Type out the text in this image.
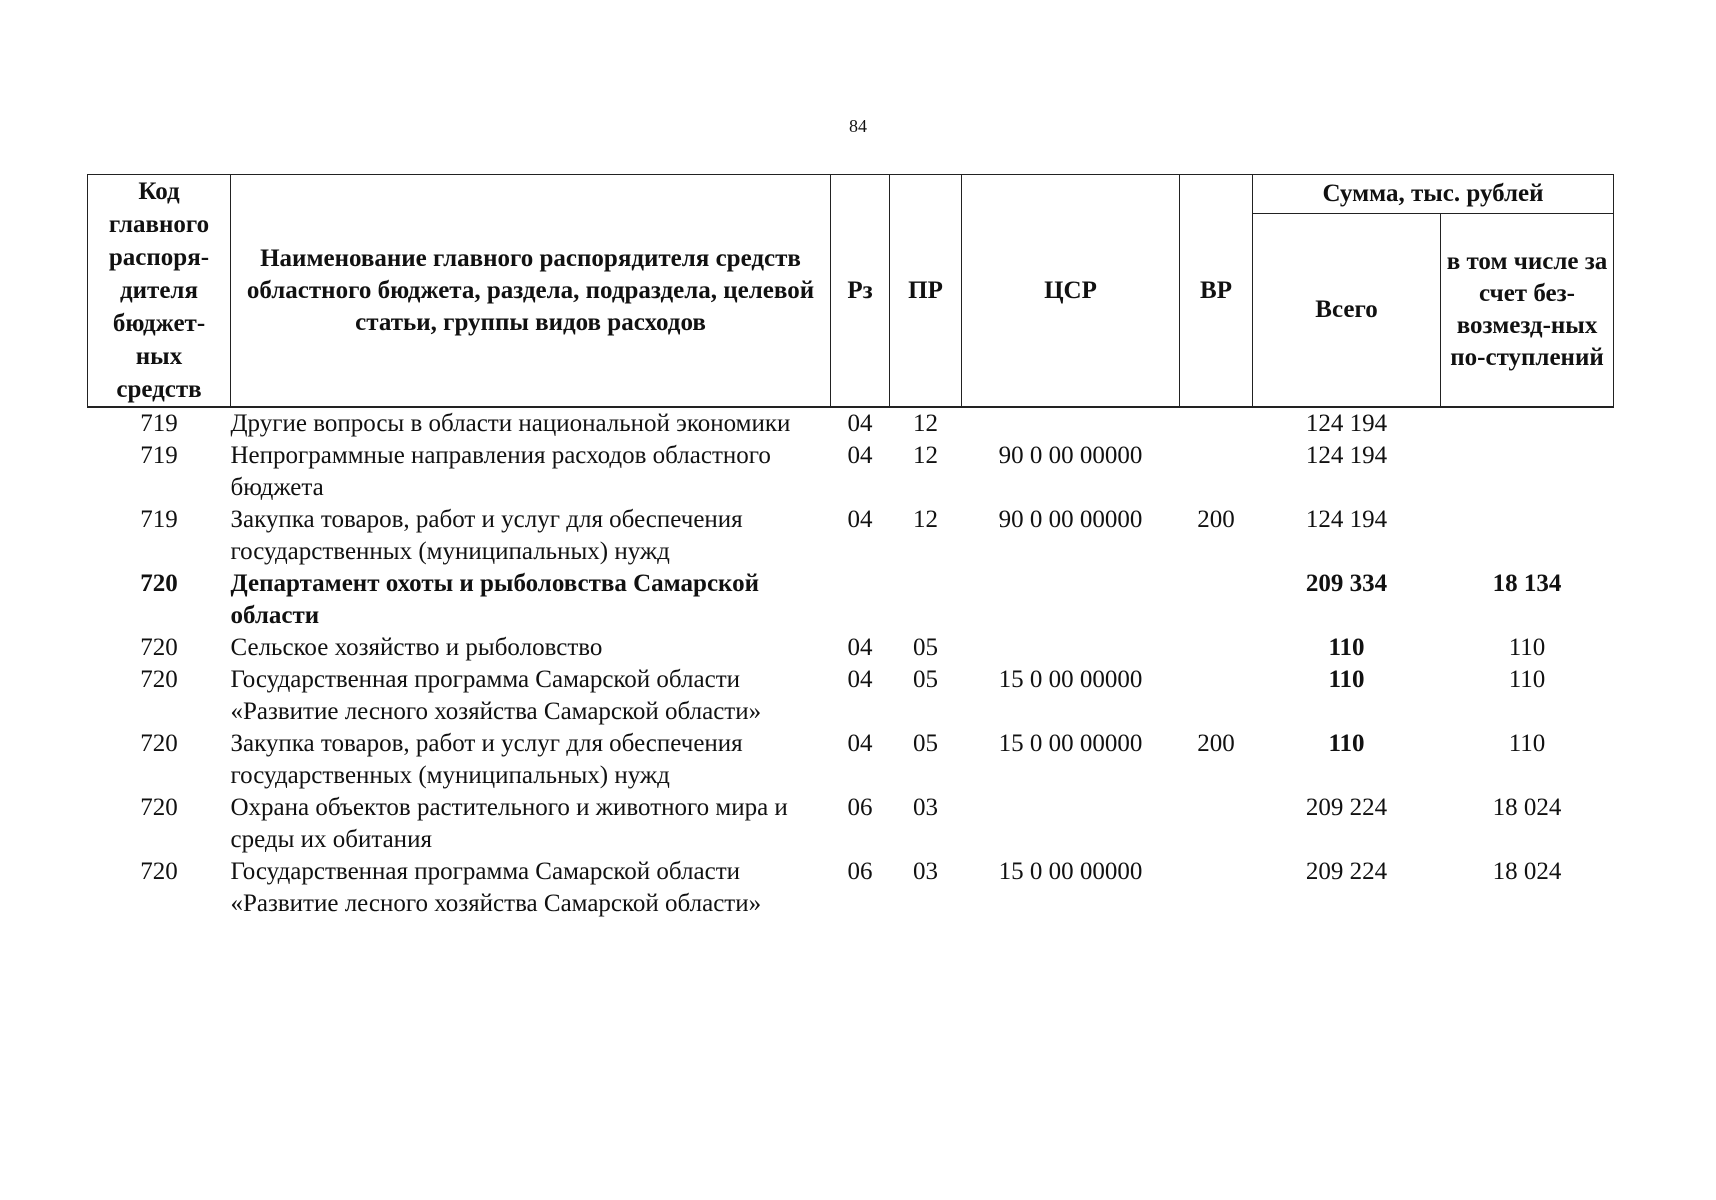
84
Код главного распоря-дителя бюджет-ных средств	Наименование главного распорядителя средств областного бюджета, раздела, подраздела, целевой статьи, группы видов расходов	Рз	ПР	ЦСР	ВР	Сумма, тыс. рублей	
						Всего	в том числе за счет без-возмезд-ных по-ступлений
719	Другие вопросы в области национальной экономики	04	12			124 194	
719	Непрограммные направления расходов областного бюджета	04	12	90 0 00 00000		124 194	
719	Закупка товаров, работ и услуг для обеспечения государственных (муниципальных) нужд	04	12	90 0 00 00000	200	124 194	
720	Департамент охоты и рыболовства Самарской области					209 334	18 134
720	Сельское хозяйство и рыболовство	04	05			110	110
720	Государственная программа Самарской области «Развитие лесного хозяйства Самарской области»	04	05	15 0 00 00000		110	110
720	Закупка товаров, работ и услуг для обеспечения государственных (муниципальных) нужд	04	05	15 0 00 00000	200	110	110
720	Охрана объектов растительного и животного мира и среды их обитания	06	03			209 224	18 024
720	Государственная программа Самарской области «Развитие лесного хозяйства Самарской области»	06	03	15 0 00 00000		209 224	18 024
